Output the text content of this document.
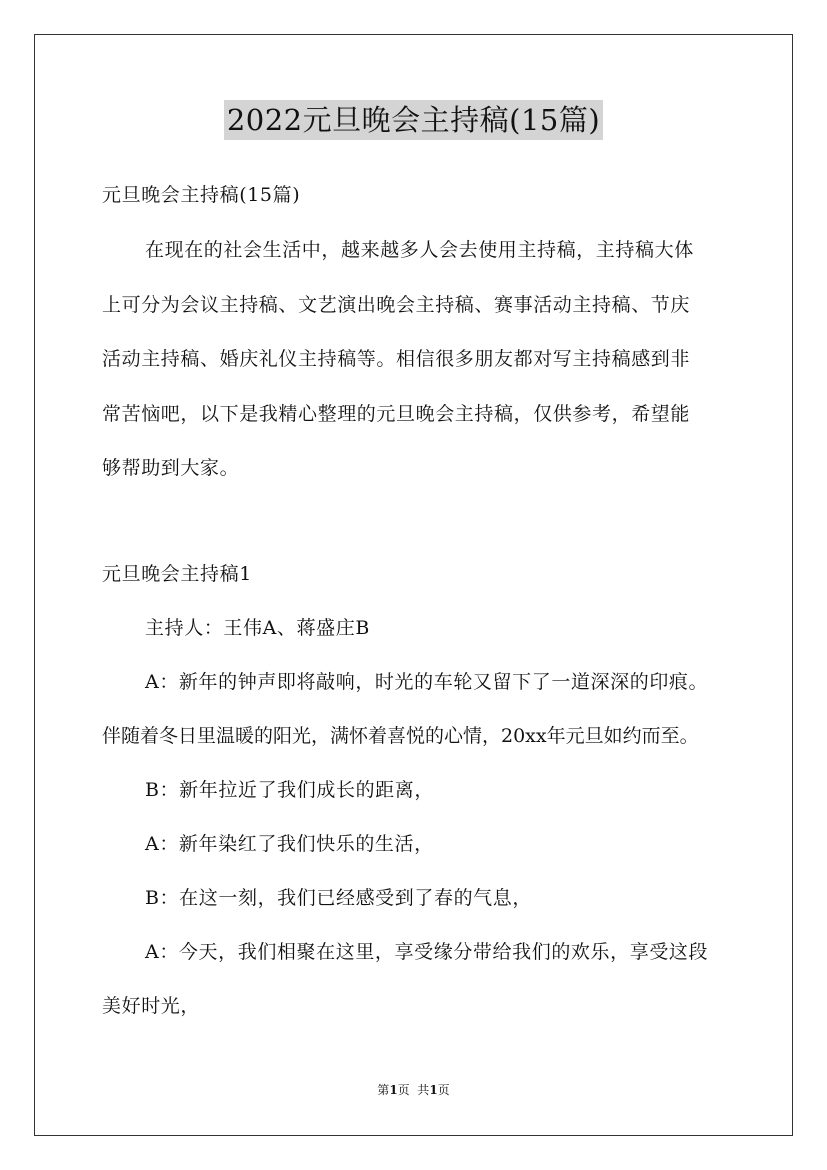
2022元旦晚会主持稿(15篇)
元旦晚会主持稿(15篇)
在现在的社会生活中，越来越多人会去使用主持稿，主持稿大体
上可分为会议主持稿、文艺演出晚会主持稿、赛事活动主持稿、节庆
活动主持稿、婚庆礼仪主持稿等。相信很多朋友都对写主持稿感到非
常苦恼吧，以下是我精心整理的元旦晚会主持稿，仅供参考，希望能
够帮助到大家。
元旦晚会主持稿1
主持人：王伟A、蒋盛庄B
A：新年的钟声即将敲响，时光的车轮又留下了一道深深的印痕。
伴随着冬日里温暖的阳光，满怀着喜悦的心情，20xx年元旦如约而至。
B：新年拉近了我们成长的距离，
A：新年染红了我们快乐的生活，
B：在这一刻，我们已经感受到了春的气息，
A：今天，我们相聚在这里，享受缘分带给我们的欢乐，享受这段
美好时光，
第1页  共1页
